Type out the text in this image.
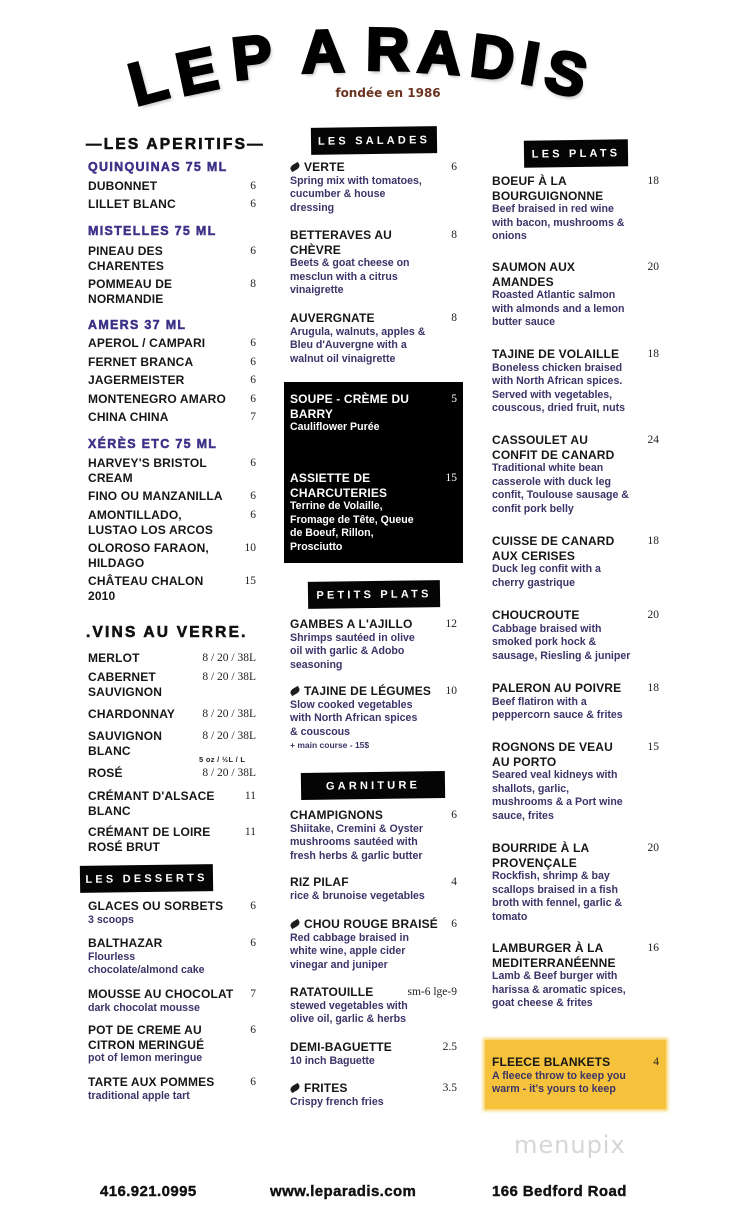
L
E P A R A D
I
S
fondée en 1986
—LES APERITIFS—
QUINQUINAS 75 ML
DUBONNET	6
LILLET BLANC	6
MISTELLES 75 ML
PINEAU DES
CHARENTES
6
POMMEAU DE
NORMANDIE
8
AMERS 37 ML
APEROL / CAMPARI	6
FERNET BRANCA	6
JAGERMEISTER	6
MONTENEGRO AMARO	6
CHINA CHINA	7
XÉRÈS ETC 75 ML
HARVEY'S BRISTOL
CREAM
6
FINO OU MANZANILLA	6
AMONTILLADO,
LUSTAO LOS ARCOS
6
OLOROSO FARAON,
HILDAGO
10
CHÂTEAU CHALON
2010
15
.VINS AU VERRE.
MERLOT	8 / 20 / 38L
CABERNET
SAUVIGNON
8 / 20 / 38L
CHARDONNAY	8 / 20 / 38L
SAUVIGNON
BLANC
8 / 20 / 38L
ROSÉ	8 / 20 / 38L
CRÉMANT D'ALSACE
BLANC
11
CRÉMANT DE LOIRE
ROSÉ BRUT
11
5 oz / ½L / L
LES DESSERTS
GLACES OU SORBETS	6
3 scoops
BALTHAZAR	6
Flourless
chocolate/almond cake
MOUSSE AU CHOCOLAT	7
dark chocolat mousse
POT DE CREME AU
CITRON MERINGUÉ
6
pot of lemon meringue
TARTE AUX POMMES	6
traditional apple tart
LES SALADES
VERTE	6
Spring mix with tomatoes,
cucumber & house
dressing
BETTERAVES AU
CHÈVRE
8
Beets & goat cheese on
mesclun with a citrus
vinaigrette
AUVERGNATE	8
Arugula, walnuts, apples &
Bleu d'Auvergne with a
walnut oil vinaigrette
SOUPE - CRÈME DU
BARRY
5
Cauliflower Purée
ASSIETTE DE
CHARCUTERIES
15
Terrine de Volaille,
Fromage de Tête, Queue
de Boeuf, Rillon,
Prosciutto
PETITS PLATS
GAMBES A L'AJILLO	12
Shrimps sautéed in olive
oil with garlic & Adobo
seasoning
TAJINE DE LÉGUMES	10
Slow cooked vegetables
with North African spices
& couscous
+ main course - 15$
GARNITURE
CHAMPIGNONS	6
Shiitake, Cremini & Oyster
mushrooms sautéed with
fresh herbs & garlic butter
RIZ PILAF	4
rice & brunoise vegetables
CHOU ROUGE BRAISÉ	6
Red cabbage braised in
white wine, apple cider
vinegar and juniper
RATATOUILLE	sm-6 lge-9
stewed vegetables with
olive oil, garlic & herbs
DEMI-BAGUETTE	2.5
10 inch Baguette
FRITES	3.5
Crispy french fries
LES PLATS
BOEUF À LA
BOURGUIGNONNE
18
Beef braised in red wine
with bacon, mushrooms &
onions
SAUMON AUX
AMANDES
20
Roasted Atlantic salmon
with almonds and a lemon
butter sauce
TAJINE DE VOLAILLE	18
Boneless chicken braised
with North African spices.
Served with vegetables,
couscous, dried fruit, nuts
CASSOULET AU
CONFIT DE CANARD
24
Traditional white bean
casserole with duck leg
confit, Toulouse sausage &
confit pork belly
CUISSE DE CANARD
AUX CERISES
18
Duck leg confit with a
cherry gastrique
CHOUCROUTE	20
Cabbage braised with
smoked pork hock &
sausage, Riesling & juniper
PALERON AU POIVRE	18
Beef flatiron with a
peppercorn sauce & frites
ROGNONS DE VEAU
AU PORTO
15
Seared veal kidneys with
shallots, garlic,
mushrooms & a Port wine
sauce, frites
BOURRIDE À LA
PROVENÇALE
20
Rockfish, shrimp & bay
scallops braised in a fish
broth with fennel, garlic &
tomato
LAMBURGER À LA
MEDITERRANÉENNE
16
Lamb & Beef burger with
harissa & aromatic spices,
goat cheese & frites
FLEECE BLANKETS	4
A fleece throw to keep you
warm - it's yours to keep
416.921.0995	www.leparadis.com	166 Bedford Road
menupix
